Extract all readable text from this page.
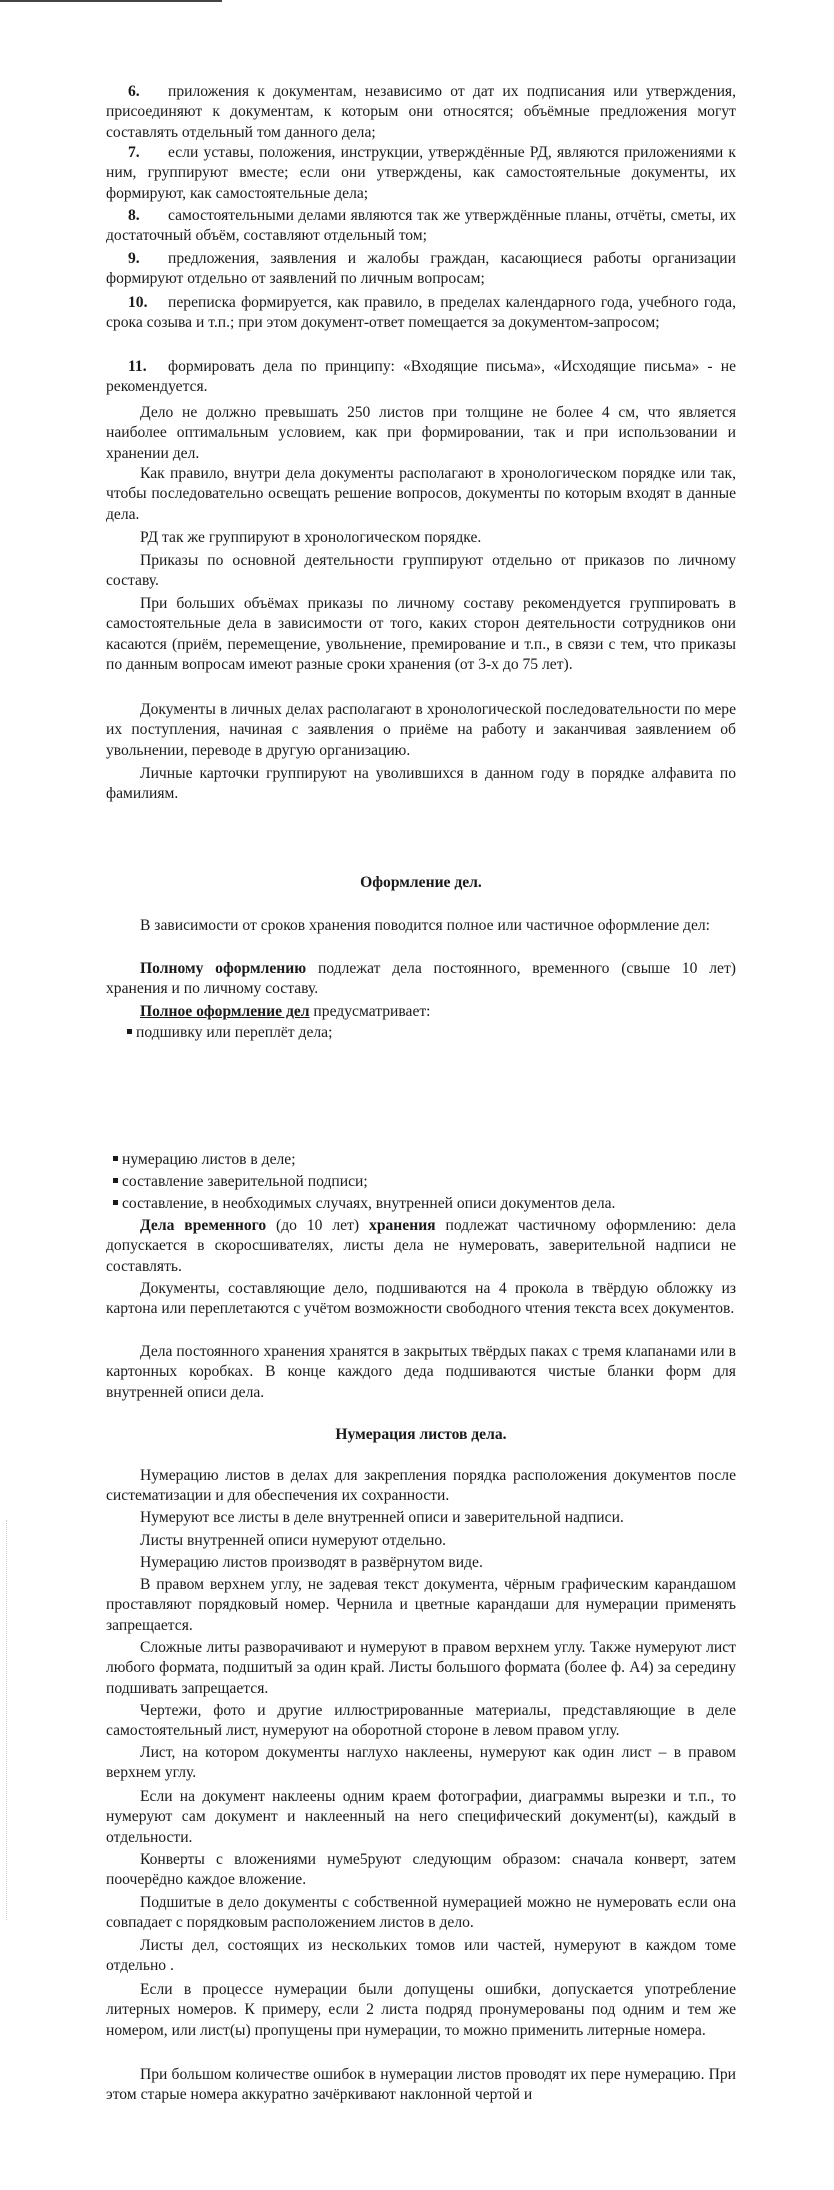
6. приложения к документам, независимо от дат их подписания или утверждения, присоединяют к документам, к которым они относятся; объёмные предложения могут составлять отдельный том данного дела;

7. если уставы, положения, инструкции, утверждённые РД, являются приложениями к ним, группируют вместе; если они утверждены, как самостоятельные документы, их формируют, как самостоятельные дела;

8. самостоятельными делами являются так же утверждённые планы, отчёты, сметы, их достаточный объём, составляют отдельный том;

9. предложения, заявления и жалобы граждан, касающиеся работы организации формируют отдельно от заявлений по личным вопросам;

10. переписка формируется, как правило, в пределах календарного года, учебного года, срока созыва и т.п.; при этом документ-ответ помещается за документом-запросом;

11. формировать дела по принципу: «Входящие письма», «Исходящие письма» - не рекомендуется.

Дело не должно превышать 250 листов при толщине не более 4 см, что является наиболее оптимальным условием, как при формировании, так и при использовании и хранении дел.

Как правило, внутри дела документы располагают в хронологическом порядке или так, чтобы последовательно освещать решение вопросов, документы по которым входят в данные дела.

РД так же группируют в хронологическом порядке.

Приказы по основной деятельности группируют отдельно от приказов по личному составу.

При больших объёмах приказы по личному составу рекомендуется группировать в самостоятельные дела в зависимости от того, каких сторон деятельности сотрудников они касаются (приём, перемещение, увольнение, премирование и т.п., в связи с тем, что приказы по данным вопросам имеют разные сроки хранения (от 3-х до 75 лет).

Документы в личных делах располагают в хронологической последовательности по мере их поступления, начиная с заявления о приёме на работу и заканчивая заявлением об увольнении, переводе в другую организацию.

Личные карточки группируют на уволившихся в данном году в порядке алфавита по фамилиям.

Оформление дел.

В зависимости от сроков хранения поводится полное или частичное оформление дел:

Полному оформлению подлежат дела постоянного, временного (свыше 10 лет) хранения и по личному составу.

Полное оформление дел предусматривает:

подшивку или переплёт дела;

нумерацию листов в деле;

составление заверительной подписи;

составление, в необходимых случаях, внутренней описи документов дела.

Дела временного (до 10 лет) хранения подлежат частичному оформлению: дела допускается в скоросшивателях, листы дела не нумеровать, заверительной надписи не составлять.

Документы, составляющие дело, подшиваются на 4 прокола в твёрдую обложку из картона или переплетаются с учётом возможности свободного чтения текста всех документов.

Дела постоянного хранения хранятся в закрытых твёрдых паках с тремя клапанами или в картонных коробках. В конце каждого деда подшиваются чистые бланки форм для внутренней описи дела.

Нумерация листов дела.

Нумерацию листов в делах для закрепления порядка расположения документов после систематизации и для обеспечения их сохранности.

Нумеруют все листы в деле внутренней описи и заверительной надписи.

Листы внутренней описи нумеруют отдельно.

Нумерацию листов производят в развёрнутом виде.

В правом верхнем углу, не задевая текст документа, чёрным графическим карандашом проставляют порядковый номер. Чернила и цветные карандаши для нумерации применять запрещается.

Сложные литы разворачивают и нумеруют в правом верхнем углу. Также нумеруют лист любого формата, подшитый за один край. Листы большого формата (более ф. А4) за середину подшивать запрещается.

Чертежи, фото и другие иллюстрированные материалы, представляющие в деле самостоятельный лист, нумеруют на оборотной стороне в левом правом углу.

Лист, на котором документы наглухо наклеены, нумеруют как один лист – в правом верхнем углу.

Если на документ наклеены одним краем фотографии, диаграммы вырезки и т.п., то нумеруют сам документ и наклеенный на него специфический документ(ы), каждый в отдельности.

Конверты с вложениями нуме5руют следующим образом: сначала конверт, затем поочерёдно каждое вложение.

Подшитые в дело документы с собственной нумерацией можно не нумеровать если она совпадает с порядковым расположением листов в дело.

Листы дел, состоящих из нескольких томов или частей, нумеруют в каждом томе отдельно .

Если в процессе нумерации были допущены ошибки, допускается употребление литерных номеров. К примеру, если 2 листа подряд пронумерованы под одним и тем же номером, или лист(ы) пропущены при нумерации, то можно применить литерные номера.

При большом количестве ошибок в нумерации листов проводят их пере нумерацию. При этом старые номера аккуратно зачёркивают наклонной чертой и
